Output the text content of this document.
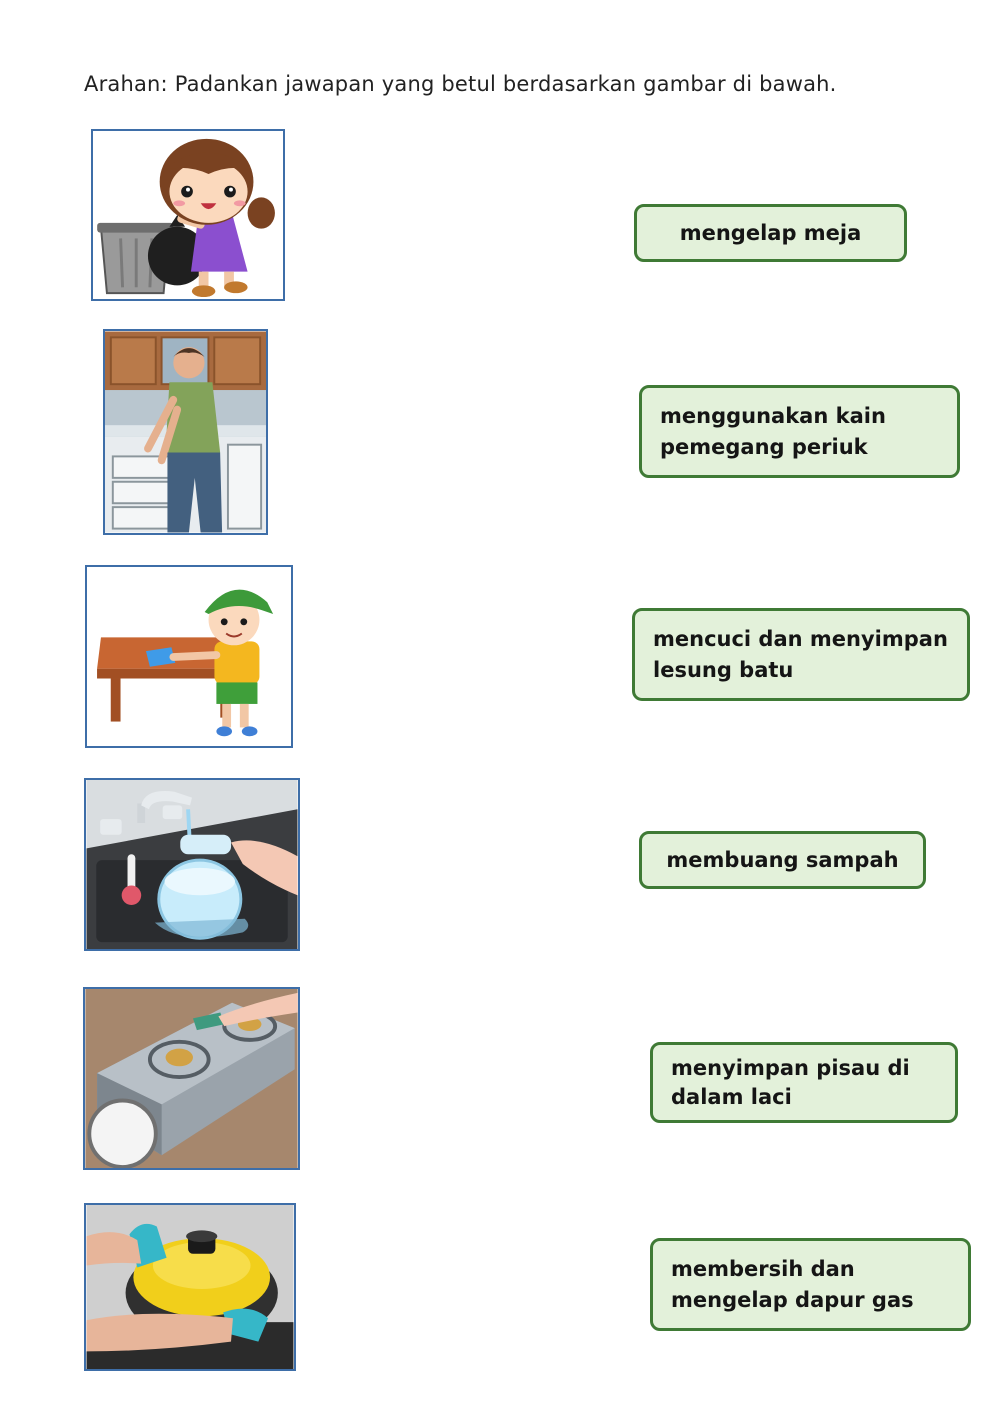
Arahan: Padankan jawapan yang betul berdasarkan gambar di bawah.
mengelap meja
menggunakan kain
pemegang periuk
mencuci dan menyimpan
lesung batu
membuang sampah
menyimpan pisau di
dalam laci
membersih dan
mengelap dapur gas
